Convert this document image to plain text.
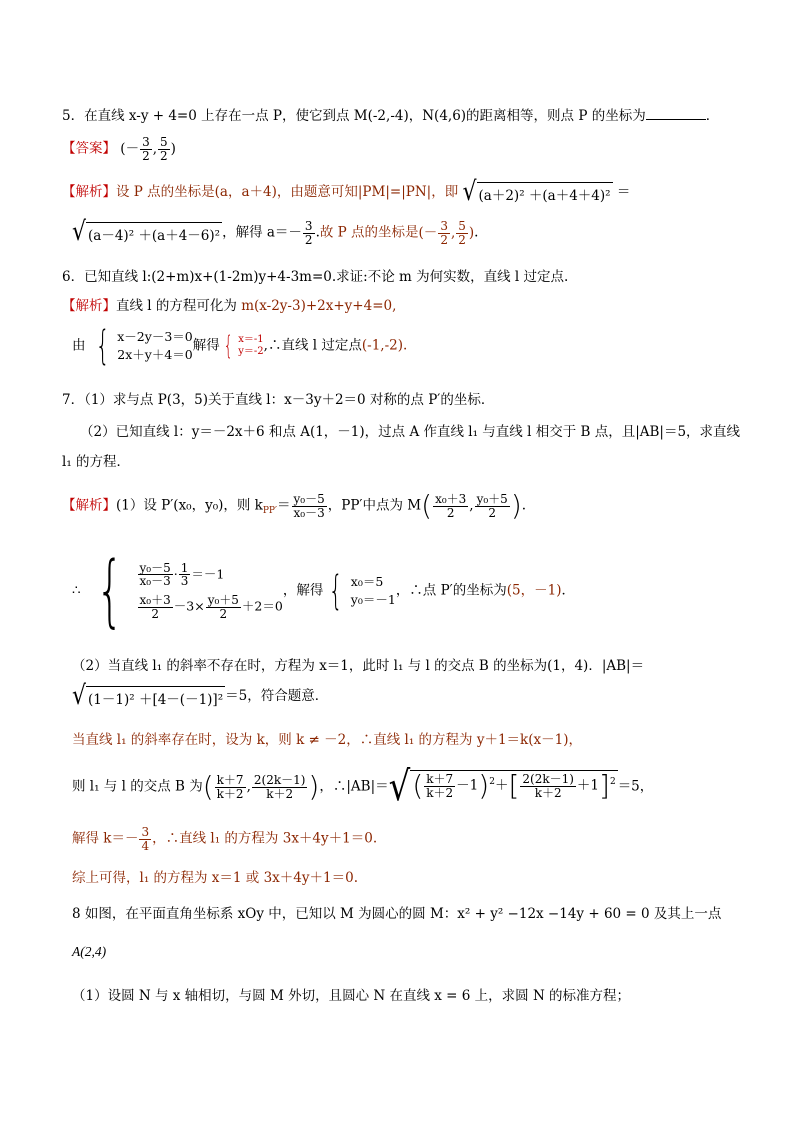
5．在直线 x-y + 4=0 上存在一点 P，使它到点 M(-2,-4)，N(4,6)的距离相等，则点 P 的坐标为	．
【答案】 (－ $\frac{3}{2}$ , $\frac{5}{2}$ )
【解析】设 P 点的坐标是(a，a＋4)，由题意可知|PM|=|PN|，即 √ (a＋2)² ＋(a＋4＋4)² ＝
√ (a－4)² ＋(a＋4－6)² ，解得 $a=- \frac{3}{2}$ .故 P 点的坐标是(－ $\frac{3}{2}$ , $\frac{5}{2}$ ).
6．已知直线 l:(2+m)x+(1-2m)y+4-3m=0.求证:不论 m 为何实数，直线 l 过定点.
【解析】直线 l 的方程可化为 m(x-2y-3)+2x+y+4=0,
由 { x－2y－3＝0
2x＋y＋4＝0
解得 { x＝-1
y＝-2 ,∴直线 l 过定点(-1,-2).
7．（1）求与点 P(3，5)关于直线 l：x－3y＋2＝0 对称的点 P′的坐标．
（2）已知直线 l：y＝－2x＋6 和点 A(1，－1)，过点 A 作直线 l₁ 与直线 l 相交于 B 点，且|AB|＝5，求直线
l₁ 的方程．
【解析】(1）设 P′(x₀，y₀)，则 $k_{PP'}= \frac{\text{y₀－5}}{\text{x₀－3}}$ ，PP′中点为 $M( \frac{\text{x₀＋3}}{2}$ , $\frac{\text{y₀＋5}}{2}$ ).
∴ { $\frac{\text{y₀－5}}{\text{x₀－3}} \cdot \frac{1}{3} =-1$
$\frac{\text{x₀＋3}}{2} -3\times \frac{\text{y₀＋5}}{2} +2=0$
，解得 { x₀＝5
y₀＝－1
，∴点 P′的坐标为(5，－1)．
（2）当直线 l₁ 的斜率不存在时，方程为 x＝1，此时 l₁ 与 l 的交点 B 的坐标为(1，4)．|AB|＝
√ (1－1)² ＋[4－(－1)]² ＝5，符合题意．
当直线 l₁ 的斜率存在时，设为 k，则 k ≠ －2，∴直线 l₁ 的方程为 y＋1＝k(x－1)，
则 l₁ 与 l 的交点 B 为( $\frac{k+7}{k+2}$ , $\frac{2(2k-1)}{k+2}$ )，∴|AB|＝ √ ( $\frac{k+7}{k+2} -1)^2+[ \frac{2(2k-1)}{k+2} +1]^2 =5$，
解得 $k=- \frac{3}{4}$ ，∴直线 l₁ 的方程为 3x＋4y＋1＝0.
综上可得，l₁ 的方程为 x＝1 或 3x＋4y＋1＝0.
8 如图，在平面直角坐标系 xOy 中，已知以 M 为圆心的圆 M：x² + y² −12x −14y + 60 = 0 及其上一点
A(2,4)
（1）设圆 N 与 x 轴相切，与圆 M 外切，且圆心 N 在直线 x = 6 上，求圆 N 的标准方程；
